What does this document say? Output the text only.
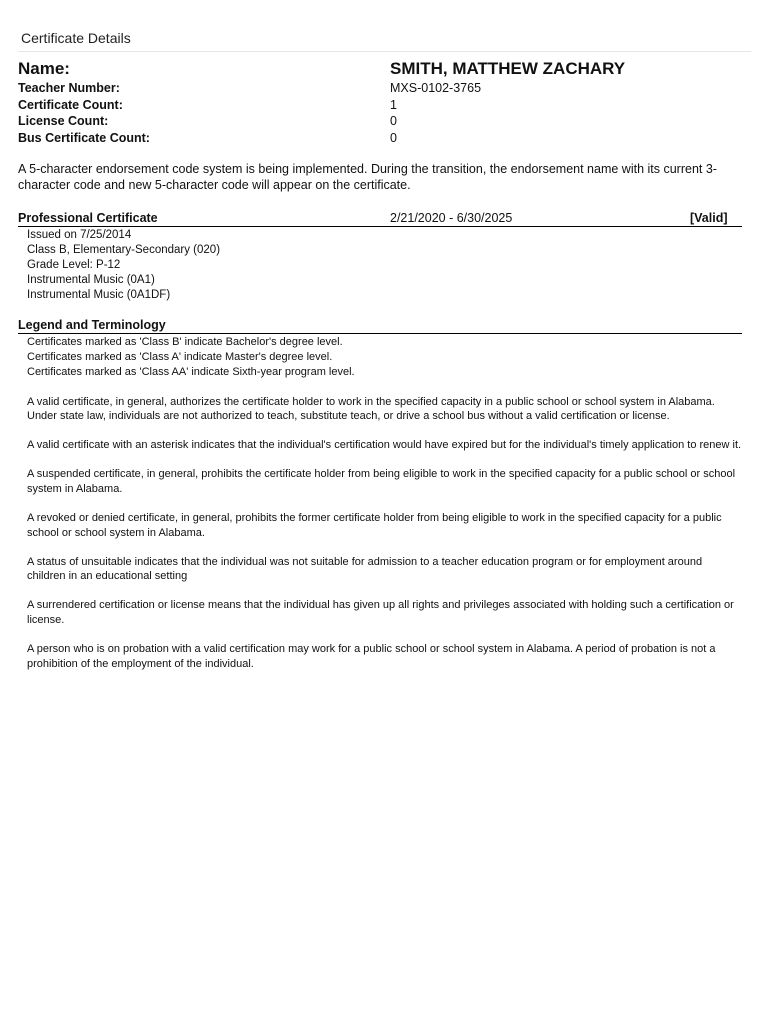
Certificate Details
Name:	SMITH, MATTHEW ZACHARY
Teacher Number:	MXS-0102-3765
Certificate Count:	1
License Count:	0
Bus Certificate Count:	0
A 5-character endorsement code system is being implemented. During the transition, the endorsement name with its current 3-character code and new 5-character code will appear on the certificate.
Professional Certificate	2/21/2020 - 6/30/2025	[Valid]
Issued on 7/25/2014
Class B, Elementary-Secondary (020)
Grade Level: P-12
Instrumental Music (0A1)
Instrumental Music (0A1DF)
Legend and Terminology
Certificates marked as 'Class B' indicate Bachelor's degree level.
Certificates marked as 'Class A' indicate Master's degree level.
Certificates marked as 'Class AA' indicate Sixth-year program level.

A valid certificate, in general, authorizes the certificate holder to work in the specified capacity in a public school or school system in Alabama. Under state law, individuals are not authorized to teach, substitute teach, or drive a school bus without a valid certification or license.

A valid certificate with an asterisk indicates that the individual's certification would have expired but for the individual's timely application to renew it.

A suspended certificate, in general, prohibits the certificate holder from being eligible to work in the specified capacity for a public school or school system in Alabama.

A revoked or denied certificate, in general, prohibits the former certificate holder from being eligible to work in the specified capacity for a public school or school system in Alabama.

A status of unsuitable indicates that the individual was not suitable for admission to a teacher education program or for employment around children in an educational setting

A surrendered certification or license means that the individual has given up all rights and privileges associated with holding such a certification or license.

A person who is on probation with a valid certification may work for a public school or school system in Alabama. A period of probation is not a prohibition of the employment of the individual.
